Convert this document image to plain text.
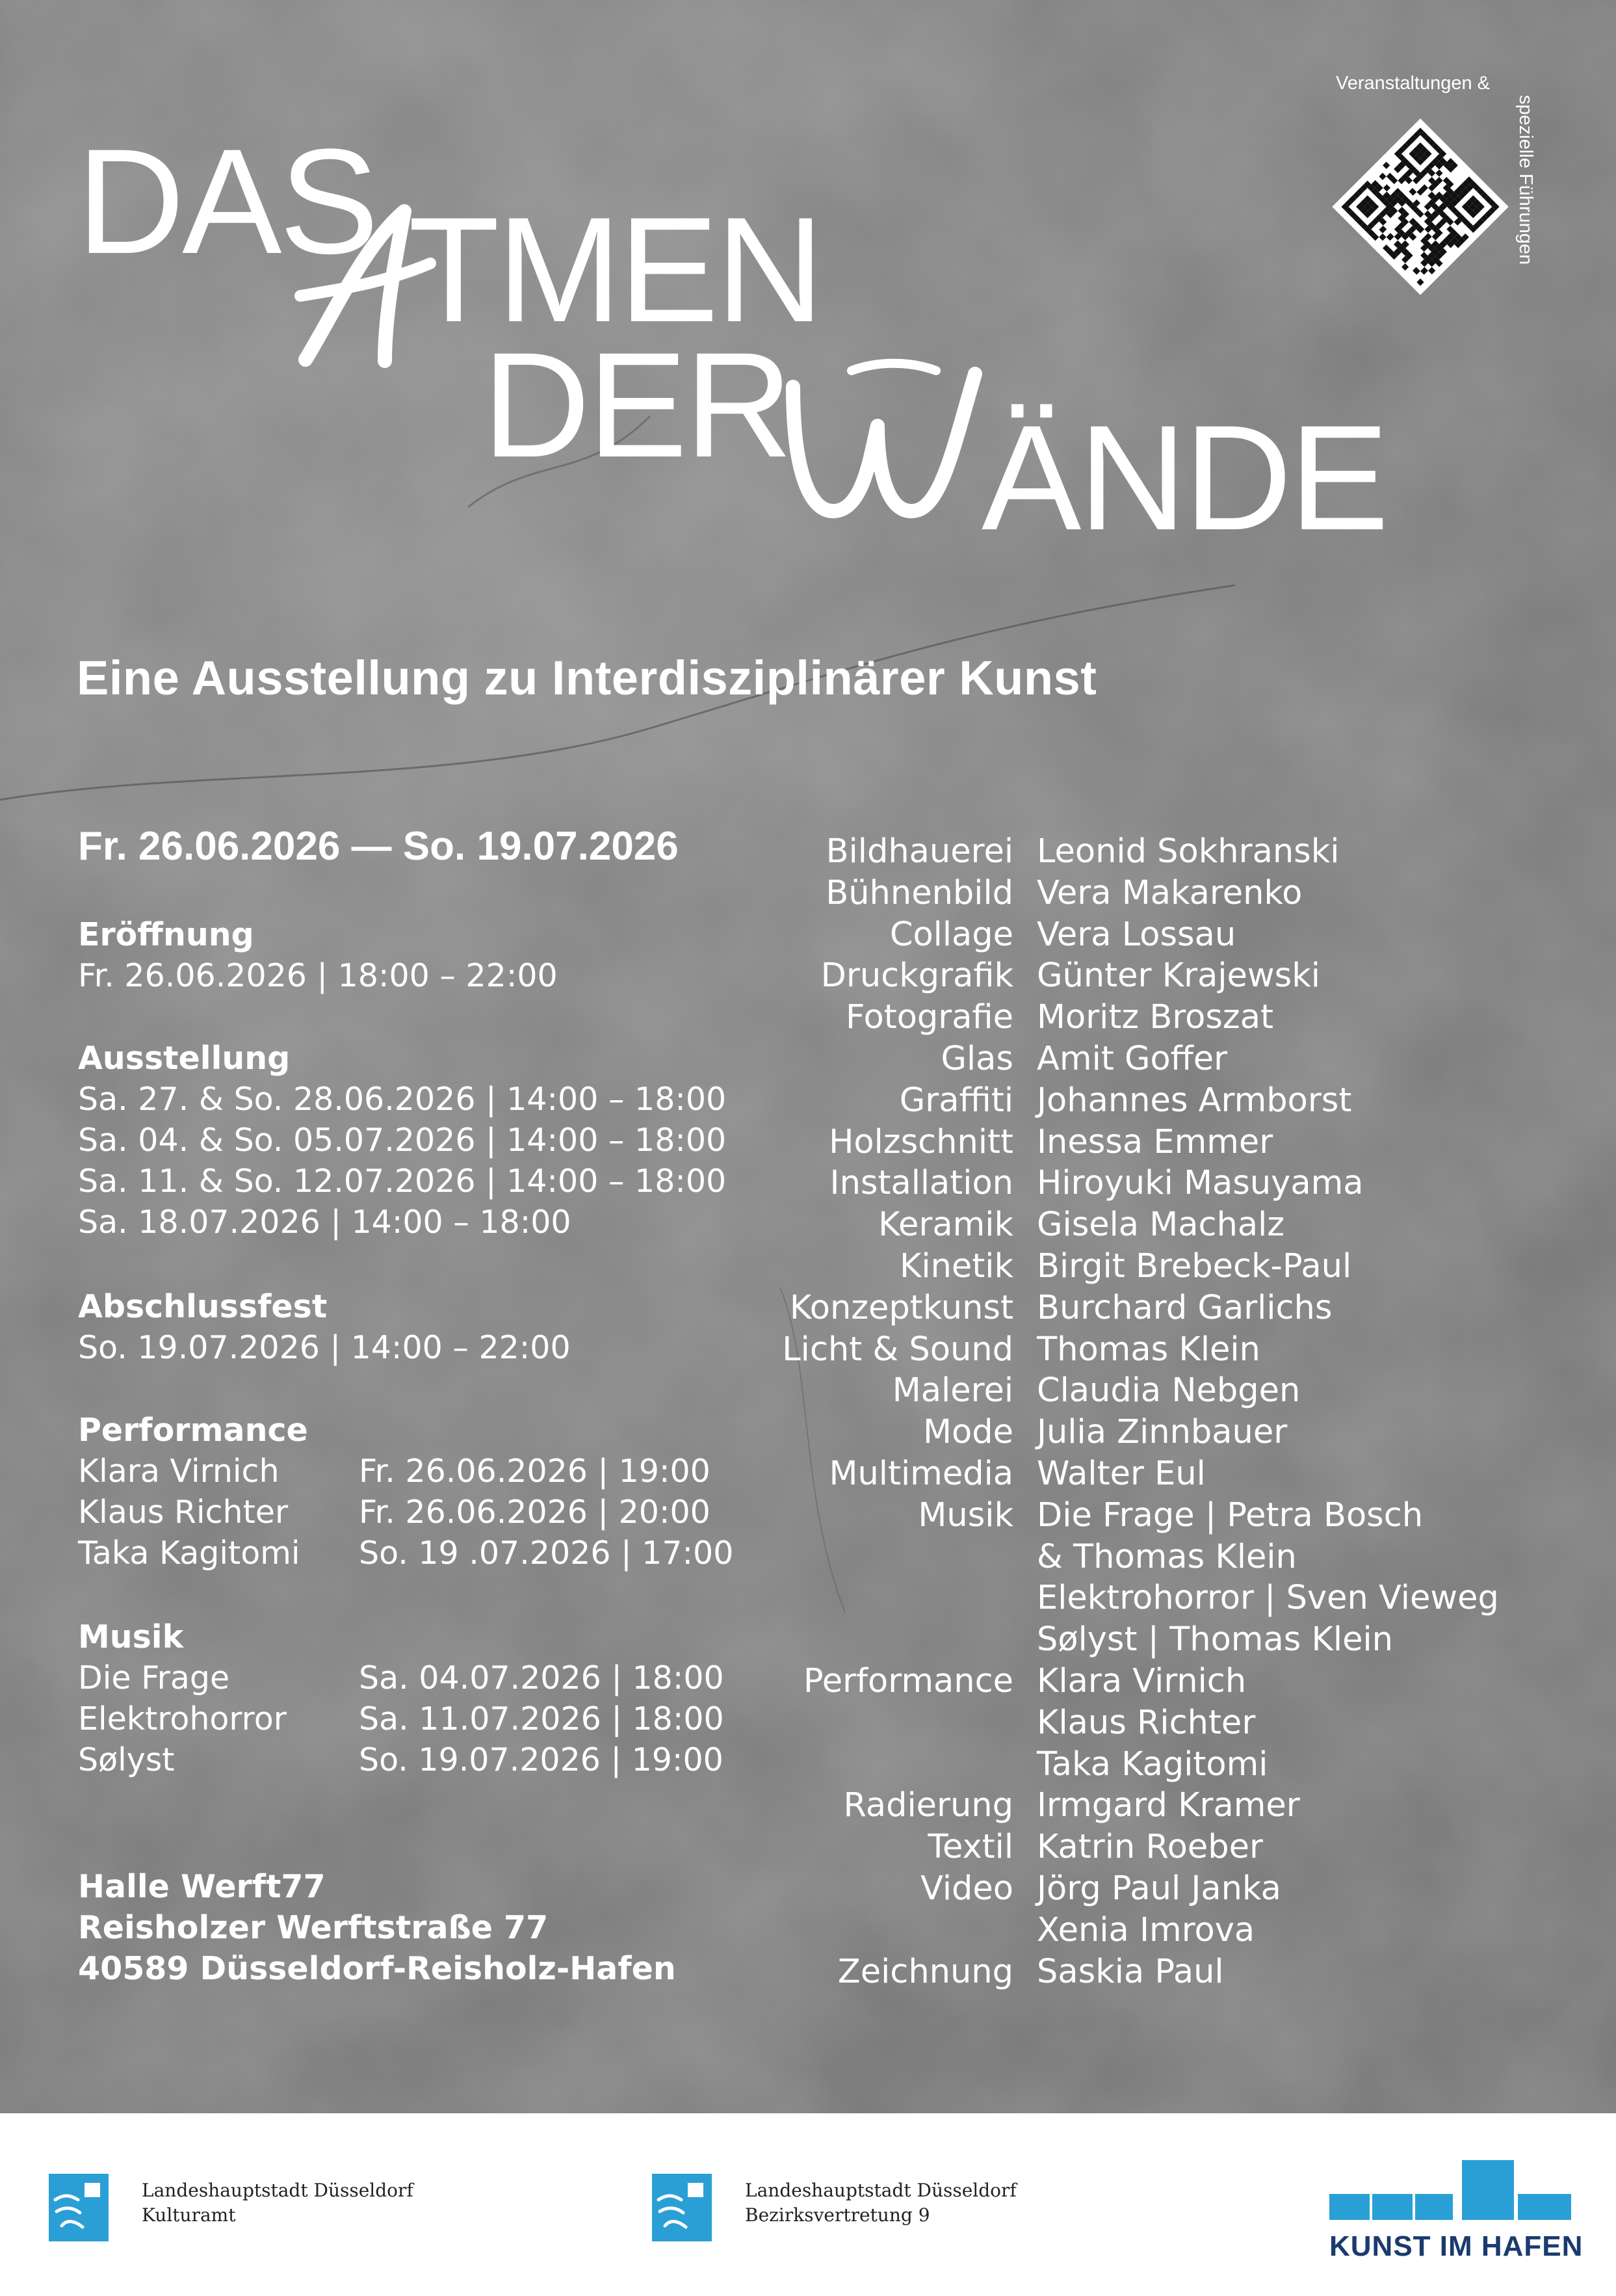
DAS TMEN
DER ÄNDE
Eine Ausstellung zu Interdisziplinärer Kunst
Veranstaltungen &
spezielle Führungen
Fr. 26.06.2026 — So. 19.07.2026
Eröffnung
Fr. 26.06.2026 | 18:00 – 22:00
Ausstellung
Sa. 27. & So. 28.06.2026 | 14:00 – 18:00
Sa. 04. & So. 05.07.2026 | 14:00 – 18:00
Sa. 11. & So. 12.07.2026 | 14:00 – 18:00
Sa. 18.07.2026 | 14:00 – 18:00
Abschlussfest
So. 19.07.2026 | 14:00 – 22:00
Performance
Klara Virnich	Fr. 26.06.2026 | 19:00
Klaus Richter	Fr. 26.06.2026 | 20:00
Taka Kagitomi	So. 19 .07.2026 | 17:00
Musik
Die Frage	Sa. 04.07.2026 | 18:00
Elektrohorror	Sa. 11.07.2026 | 18:00
Sølyst	So. 19.07.2026 | 19:00
Halle Werft77
Reisholzer Werftstraße 77
40589 Düsseldorf-Reisholz-Hafen
Bildhauerei Leonid Sokhranski
Bühnenbild Vera Makarenko
Collage Vera Lossau
Druckgrafik Günter Krajewski
Fotografie Moritz Broszat
Glas Amit Goffer
Graffiti Johannes Armborst
Holzschnitt Inessa Emmer
Installation Hiroyuki Masuyama
Keramik Gisela Machalz
Kinetik Birgit Brebeck-Paul
Konzeptkunst Burchard Garlichs
Licht & Sound Thomas Klein
Malerei Claudia Nebgen
Mode Julia Zinnbauer
Multimedia Walter Eul
Musik Die Frage | Petra Bosch
& Thomas Klein
Elektrohorror | Sven Vieweg
Sølyst | Thomas Klein
Performance Klara Virnich
Klaus Richter
Taka Kagitomi
Radierung Irmgard Kramer
Textil Katrin Roeber
Video Jörg Paul Janka
Xenia Imrova
Zeichnung Saskia Paul
Landeshauptstadt Düsseldorf
Kulturamt
Landeshauptstadt Düsseldorf
Bezirksvertretung 9
KUNST IM HAFEN
